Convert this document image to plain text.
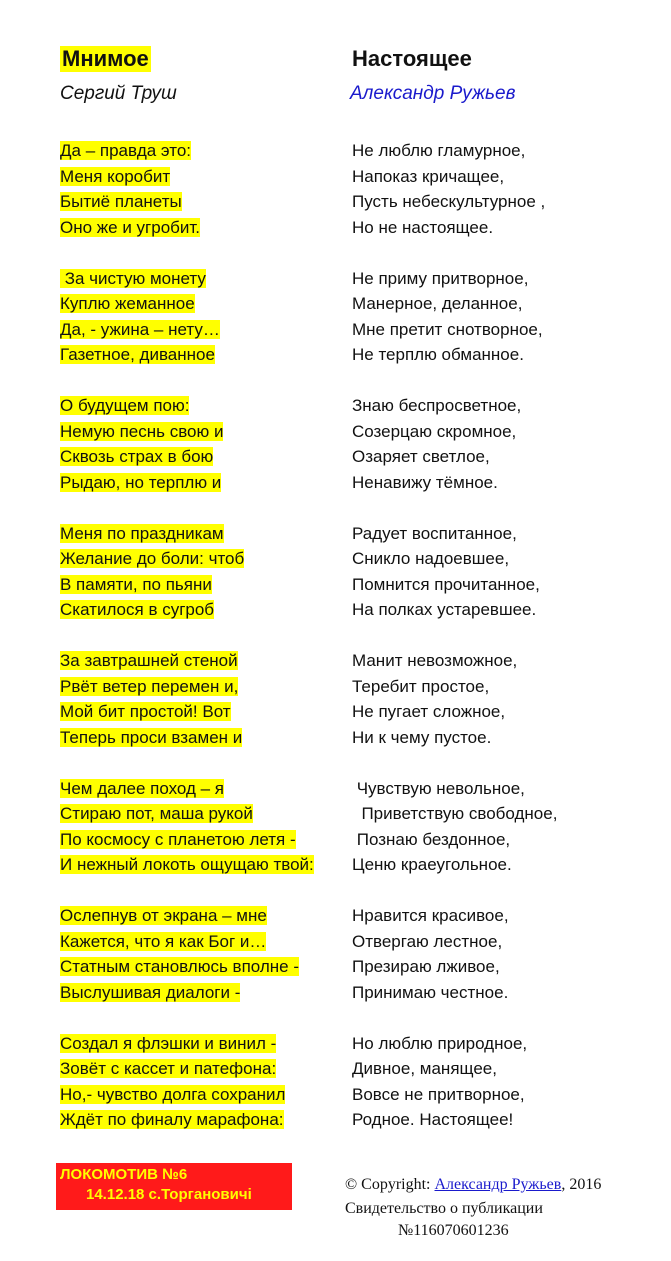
Мнимое	Настоящее
Сергий Труш	Александр Ружьев
Да – правда это:
Меня коробит
Бытиё планеты
Оно же и угробит.
За чистую монету
Куплю жеманное
Да, - ужина – нету…
Газетное, диванное
О будущем пою:
Немую песнь свою и
Сквозь страх в бою
Рыдаю, но терплю и
Меня по праздникам
Желание до боли: чтоб
В памяти, по пьяни
Скатилося в сугроб
За завтрашней стеной
Рвёт ветер перемен и,
Мой бит простой! Вот
Теперь проси взамен и
Чем далее поход – я
Стираю пот, маша рукой
По космосу с планетою летя -
И нежный локоть ощущаю твой:
Ослепнув от экрана – мне
Кажется, что я как Бог и…
Статным становлюсь вполне -
Выслушивая диалоги -
Создал я флэшки и винил -
Зовёт с кассет и патефона:
Но,- чувство долга сохранил
Ждёт по финалу марафона:
Не люблю гламурное,
Напоказ кричащее,
Пусть небескультурное ,
Но не настоящее.
Не приму притворное,
Манерное, деланное,
Мне претит снотворное,
Не терплю обманное.
Знаю беспросветное,
Созерцаю скромное,
Озаряет светлое,
Ненавижу тёмное.
Радует воспитанное,
Сникло надоевшее,
Помнится прочитанное,
На полках устаревшее.
Манит невозможное,
Теребит простое,
Не пугает сложное,
Ни к чему пустое.
Чувствую невольное,
Приветствую свободное,
Познаю бездонное,
Ценю краеугольное.
Нравится красивое,
Отвергаю лестное,
Презираю лживое,
Принимаю честное.
Но люблю природное,
Дивное, манящее,
Вовсе не притворное,
Родное. Настоящее!
ЛОКОМОТИВ №6
14.12.18 с.Торгановичі
© Copyright: Александр Ружьев, 2016
Свидетельство о публикации
№116070601236
